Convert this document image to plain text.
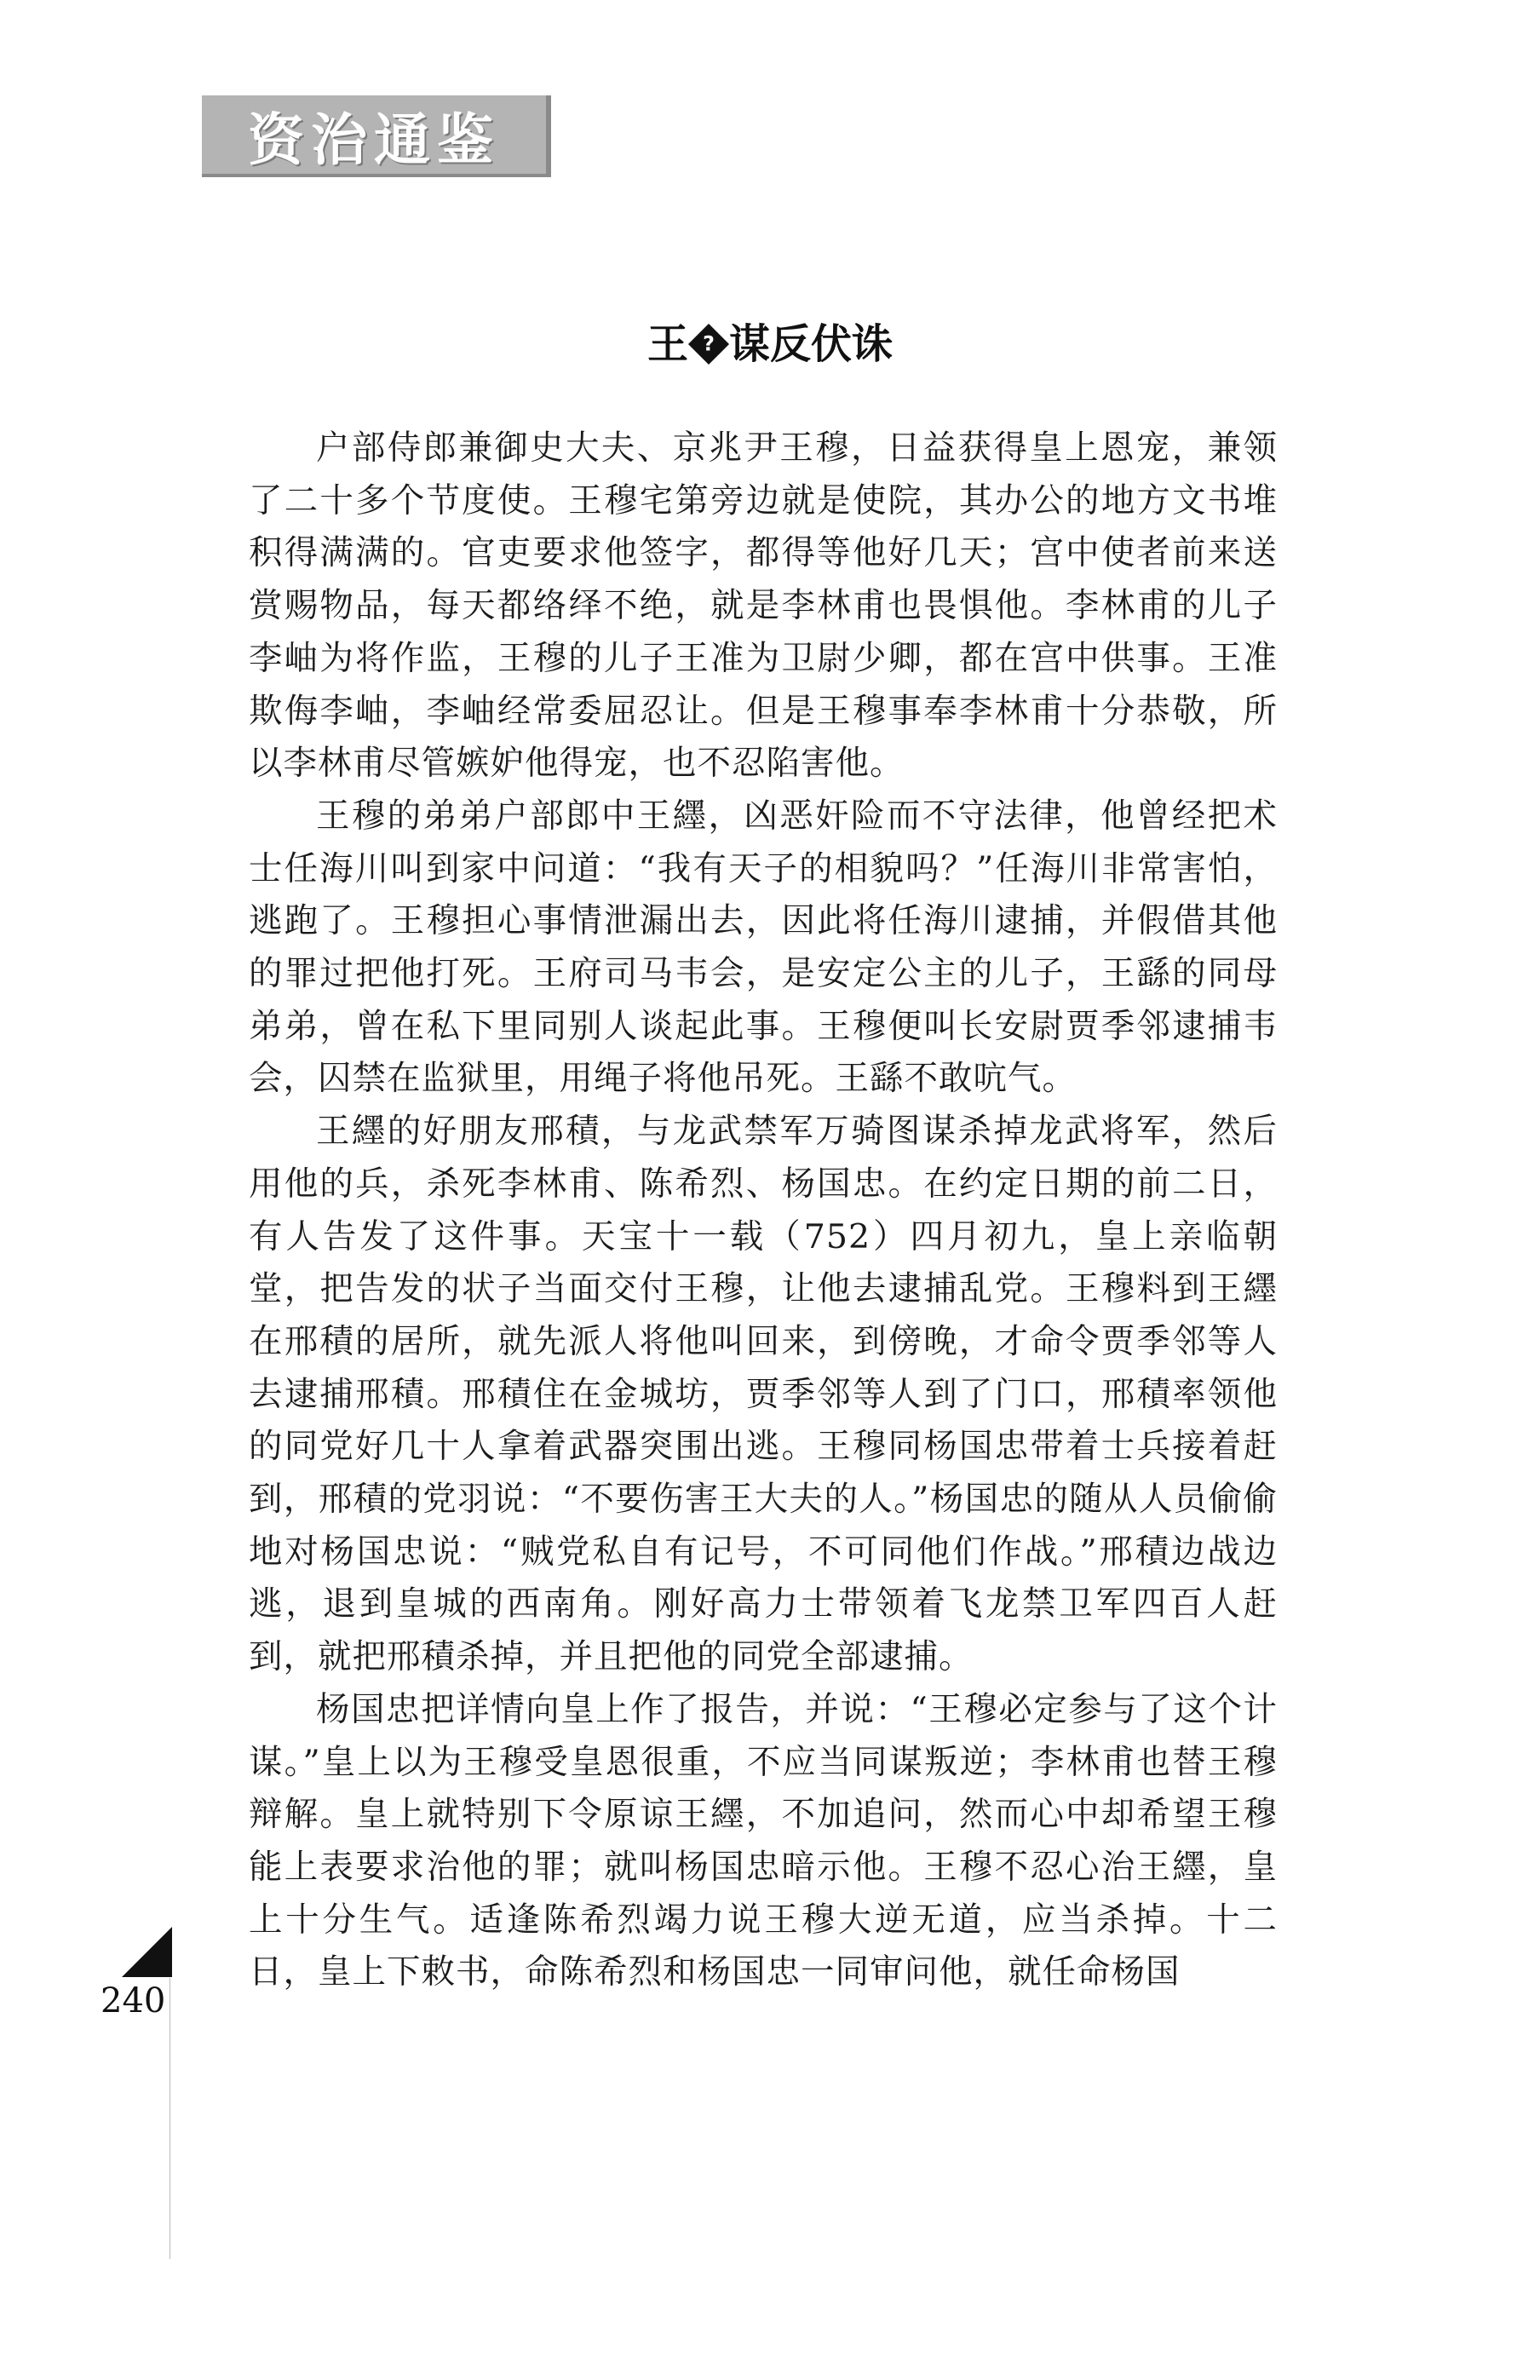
资治通鉴
王 ? 谋反伏诛

户部侍郎兼御史大夫、京兆尹王穆，日益获得皇上恩宠，兼领了二十多个节度使。王穆宅第旁边就是使院，其办公的地方文书堆积得满满的。官吏要求他签字，都得等他好几天；宫中使者前来送赏赐物品，每天都络绎不绝，就是李林甫也畏惧他。李林甫的儿子李岫为将作监，王穆的儿子王准为卫尉少卿，都在宫中供事。王准欺侮李岫，李岫经常委屈忍让。但是王穆事奉李林甫十分恭敬，所以李林甫尽管嫉妒他得宠，也不忍陷害他。

王穆的弟弟户部郎中王纆，凶恶奸险而不守法律，他曾经把术士任海川叫到家中问道：“我有天子的相貌吗？”任海川非常害怕，逃跑了。王穆担心事情泄漏出去，因此将任海川逮捕，并假借其他的罪过把他打死。王府司马韦会，是安定公主的儿子，王繇的同母弟弟，曾在私下里同别人谈起此事。王穆便叫长安尉贾季邻逮捕韦会，囚禁在监狱里，用绳子将他吊死。王繇不敢吭气。

王纆的好朋友邢積，与龙武禁军万骑图谋杀掉龙武将军，然后用他的兵，杀死李林甫、陈希烈、杨国忠。在约定日期的前二日，有人告发了这件事。天宝十一载（752）四月初九，皇上亲临朝堂，把告发的状子当面交付王穆，让他去逮捕乱党。王穆料到王纆在邢積的居所，就先派人将他叫回来，到傍晚，才命令贾季邻等人去逮捕邢積。邢積住在金城坊，贾季邻等人到了门口，邢積率领他的同党好几十人拿着武器突围出逃。王穆同杨国忠带着士兵接着赶到，邢積的党羽说：“不要伤害王大夫的人。”杨国忠的随从人员偷偷地对杨国忠说：“贼党私自有记号，不可同他们作战。”邢積边战边逃，退到皇城的西南角。刚好高力士带领着飞龙禁卫军四百人赶到，就把邢積杀掉，并且把他的同党全部逮捕。

杨国忠把详情向皇上作了报告，并说：“王穆必定参与了这个计谋。”皇上以为王穆受皇恩很重，不应当同谋叛逆；李林甫也替王穆辩解。皇上就特别下令原谅王纆，不加追问，然而心中却希望王穆能上表要求治他的罪；就叫杨国忠暗示他。王穆不忍心治王纆，皇上十分生气。适逢陈希烈竭力说王穆大逆无道，应当杀掉。十二日，皇上下敕书，命陈希烈和杨国忠一同审问他，就任命杨国

240
